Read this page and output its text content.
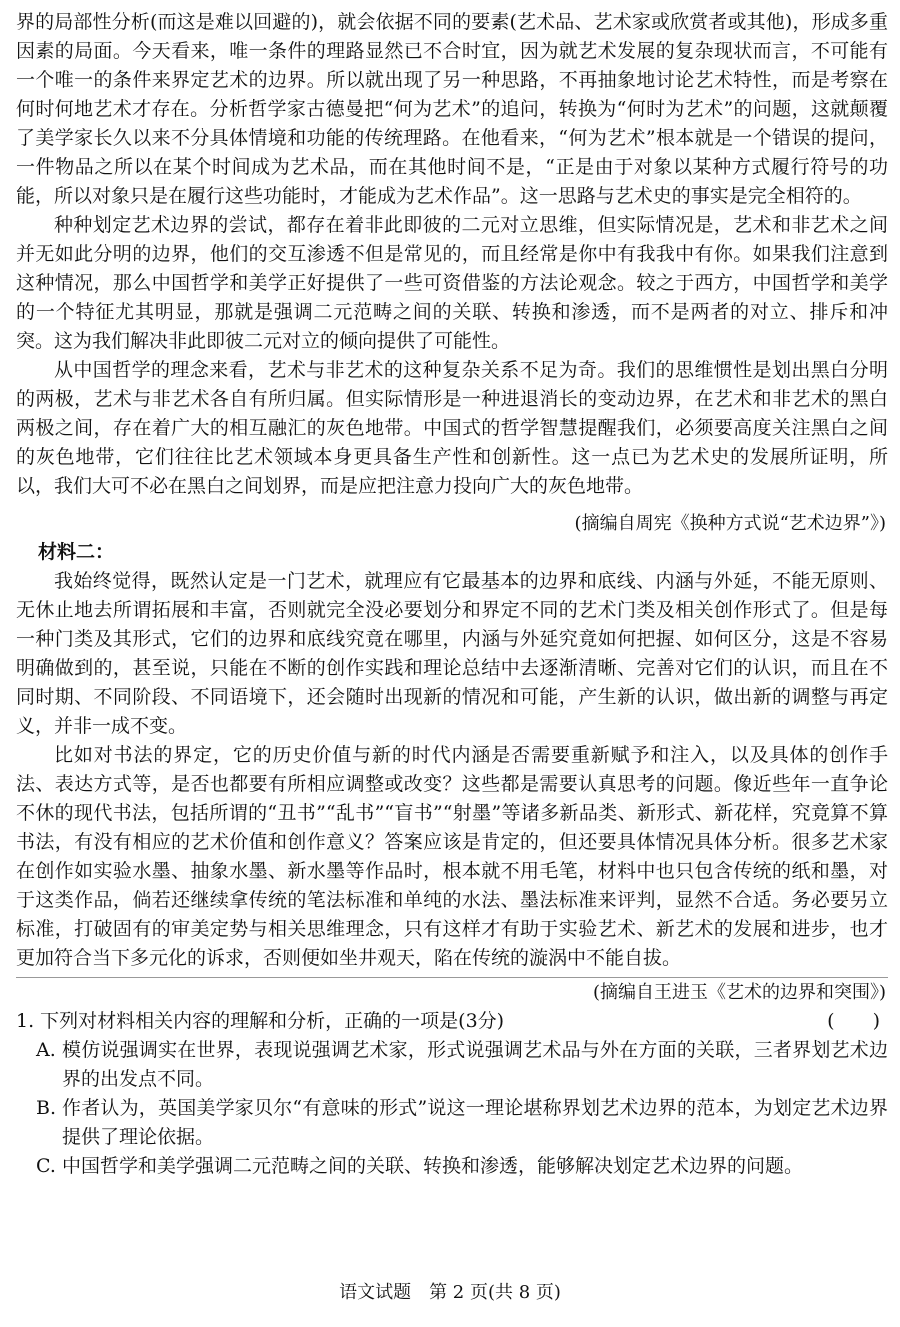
界的局部性分析(而这是难以回避的)，就会依据不同的要素(艺术品、艺术家或欣赏者或其他)，形成多重因素的局面。今天看来，唯一条件的理路显然已不合时宜，因为就艺术发展的复杂现状而言，不可能有一个唯一的条件来界定艺术的边界。所以就出现了另一种思路，不再抽象地讨论艺术特性，而是考察在何时何地艺术才存在。分析哲学家古德曼把“何为艺术”的追问，转换为“何时为艺术”的问题，这就颠覆了美学家长久以来不分具体情境和功能的传统理路。在他看来，“何为艺术”根本就是一个错误的提问，一件物品之所以在某个时间成为艺术品，而在其他时间不是，“正是由于对象以某种方式履行符号的功能，所以对象只是在履行这些功能时，才能成为艺术作品”。这一思路与艺术史的事实是完全相符的。

种种划定艺术边界的尝试，都存在着非此即彼的二元对立思维，但实际情况是，艺术和非艺术之间并无如此分明的边界，他们的交互渗透不但是常见的，而且经常是你中有我我中有你。如果我们注意到这种情况，那么中国哲学和美学正好提供了一些可资借鉴的方法论观念。较之于西方，中国哲学和美学的一个特征尤其明显，那就是强调二元范畴之间的关联、转换和渗透，而不是两者的对立、排斥和冲突。这为我们解决非此即彼二元对立的倾向提供了可能性。

从中国哲学的理念来看，艺术与非艺术的这种复杂关系不足为奇。我们的思维惯性是划出黑白分明的两极，艺术与非艺术各自有所归属。但实际情形是一种进退消长的变动边界，在艺术和非艺术的黑白两极之间，存在着广大的相互融汇的灰色地带。中国式的哲学智慧提醒我们，必须要高度关注黑白之间的灰色地带，它们往往比艺术领域本身更具备生产性和创新性。这一点已为艺术史的发展所证明，所以，我们大可不必在黑白之间划界，而是应把注意力投向广大的灰色地带。

(摘编自周宪《换种方式说“艺术边界”》)

材料二：

我始终觉得，既然认定是一门艺术，就理应有它最基本的边界和底线、内涵与外延，不能无原则、无休止地去所谓拓展和丰富，否则就完全没必要划分和界定不同的艺术门类及相关创作形式了。但是每一种门类及其形式，它们的边界和底线究竟在哪里，内涵与外延究竟如何把握、如何区分，这是不容易明确做到的，甚至说，只能在不断的创作实践和理论总结中去逐渐清晰、完善对它们的认识，而且在不同时期、不同阶段、不同语境下，还会随时出现新的情况和可能，产生新的认识，做出新的调整与再定义，并非一成不变。

比如对书法的界定，它的历史价值与新的时代内涵是否需要重新赋予和注入，以及具体的创作手法、表达方式等，是否也都要有所相应调整或改变？这些都是需要认真思考的问题。像近些年一直争论不休的现代书法，包括所谓的“丑书”“乱书”“盲书”“射墨”等诸多新品类、新形式、新花样，究竟算不算书法，有没有相应的艺术价值和创作意义？答案应该是肯定的，但还要具体情况具体分析。很多艺术家在创作如实验水墨、抽象水墨、新水墨等作品时，根本就不用毛笔，材料中也只包含传统的纸和墨，对于这类作品，倘若还继续拿传统的笔法标准和单纯的水法、墨法标准来评判，显然不合适。务必要另立标准，打破固有的审美定势与相关思维理念，只有这样才有助于实验艺术、新艺术的发展和进步，也才更加符合当下多元化的诉求，否则便如坐井观天，陷在传统的漩涡中不能自拔。

(摘编自王进玉《艺术的边界和突围》)

1. 下列对材料相关内容的理解和分析，正确的一项是(3分)	(　　)
A. 模仿说强调实在世界，表现说强调艺术家，形式说强调艺术品与外在方面的关联，三者界划艺术边界的出发点不同。
B. 作者认为，英国美学家贝尔“有意味的形式”说这一理论堪称界划艺术边界的范本，为划定艺术边界提供了理论依据。
C. 中国哲学和美学强调二元范畴之间的关联、转换和渗透，能够解决划定艺术边界的问题。
语文试题　第 2 页(共 8 页)
